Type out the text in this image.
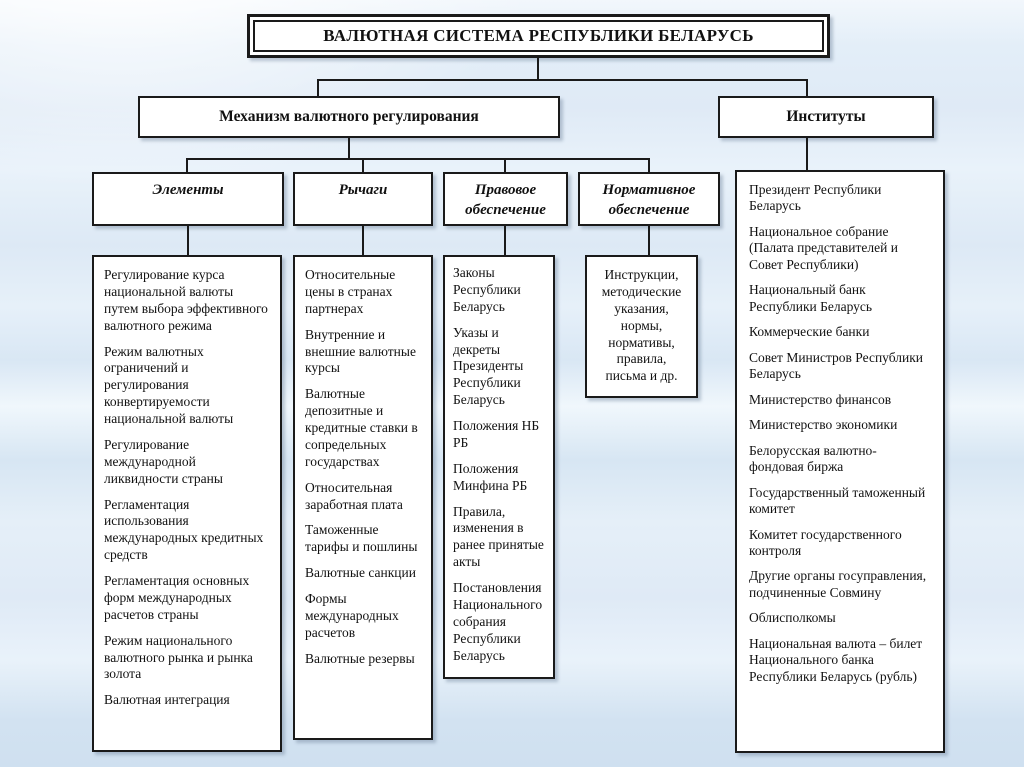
ВАЛЮТНАЯ СИСТЕМА РЕСПУБЛИКИ БЕЛАРУСЬ
Механизм валютного регулирования	Институты
Элементы	Рычаги	Правовое обеспечение
Нормативное обеспечение
Регулирование курса национальной валюты путем выбора эффективного валютного режима
Режим валютных ограничений и регулирования конвертируемости национальной валюты
Регулирование международной ликвидности страны
Регламентация использования международных кредитных средств
Регламентация основных форм международных расчетов страны
Режим национального валютного рынка и рынка золота
Валютная интеграция
Относительные цены в странах партнерах
Внутренние и внешние валютные курсы
Валютные депозитные и кредитные ставки в сопредельных государствах
Относительная заработная плата
Таможенные тарифы и пошлины
Валютные санкции
Формы международных расчетов
Валютные резервы
Законы Республики Беларусь
Указы и декреты Президенты Республики Беларусь
Положения НБ РБ
Положения Минфина РБ
Правила, изменения в ранее принятые акты
Постановления Национального собрания Республики Беларусь
Инструкции, методические указания, нормы, нормативы, правила, письма и др.
Президент Республики Беларусь
Национальное собрание (Палата представителей и Совет Республики)
Национальный банк Республики Беларусь
Коммерческие банки
Совет Министров Республики Беларусь
Министерство финансов
Министерство экономики
Белорусская валютно-фондовая биржа
Государственный таможенный комитет
Комитет государственного контроля
Другие органы госуправления, подчиненные Совмину
Облисполкомы
Национальная валюта – билет Национального банка Республики Беларусь (рубль)
